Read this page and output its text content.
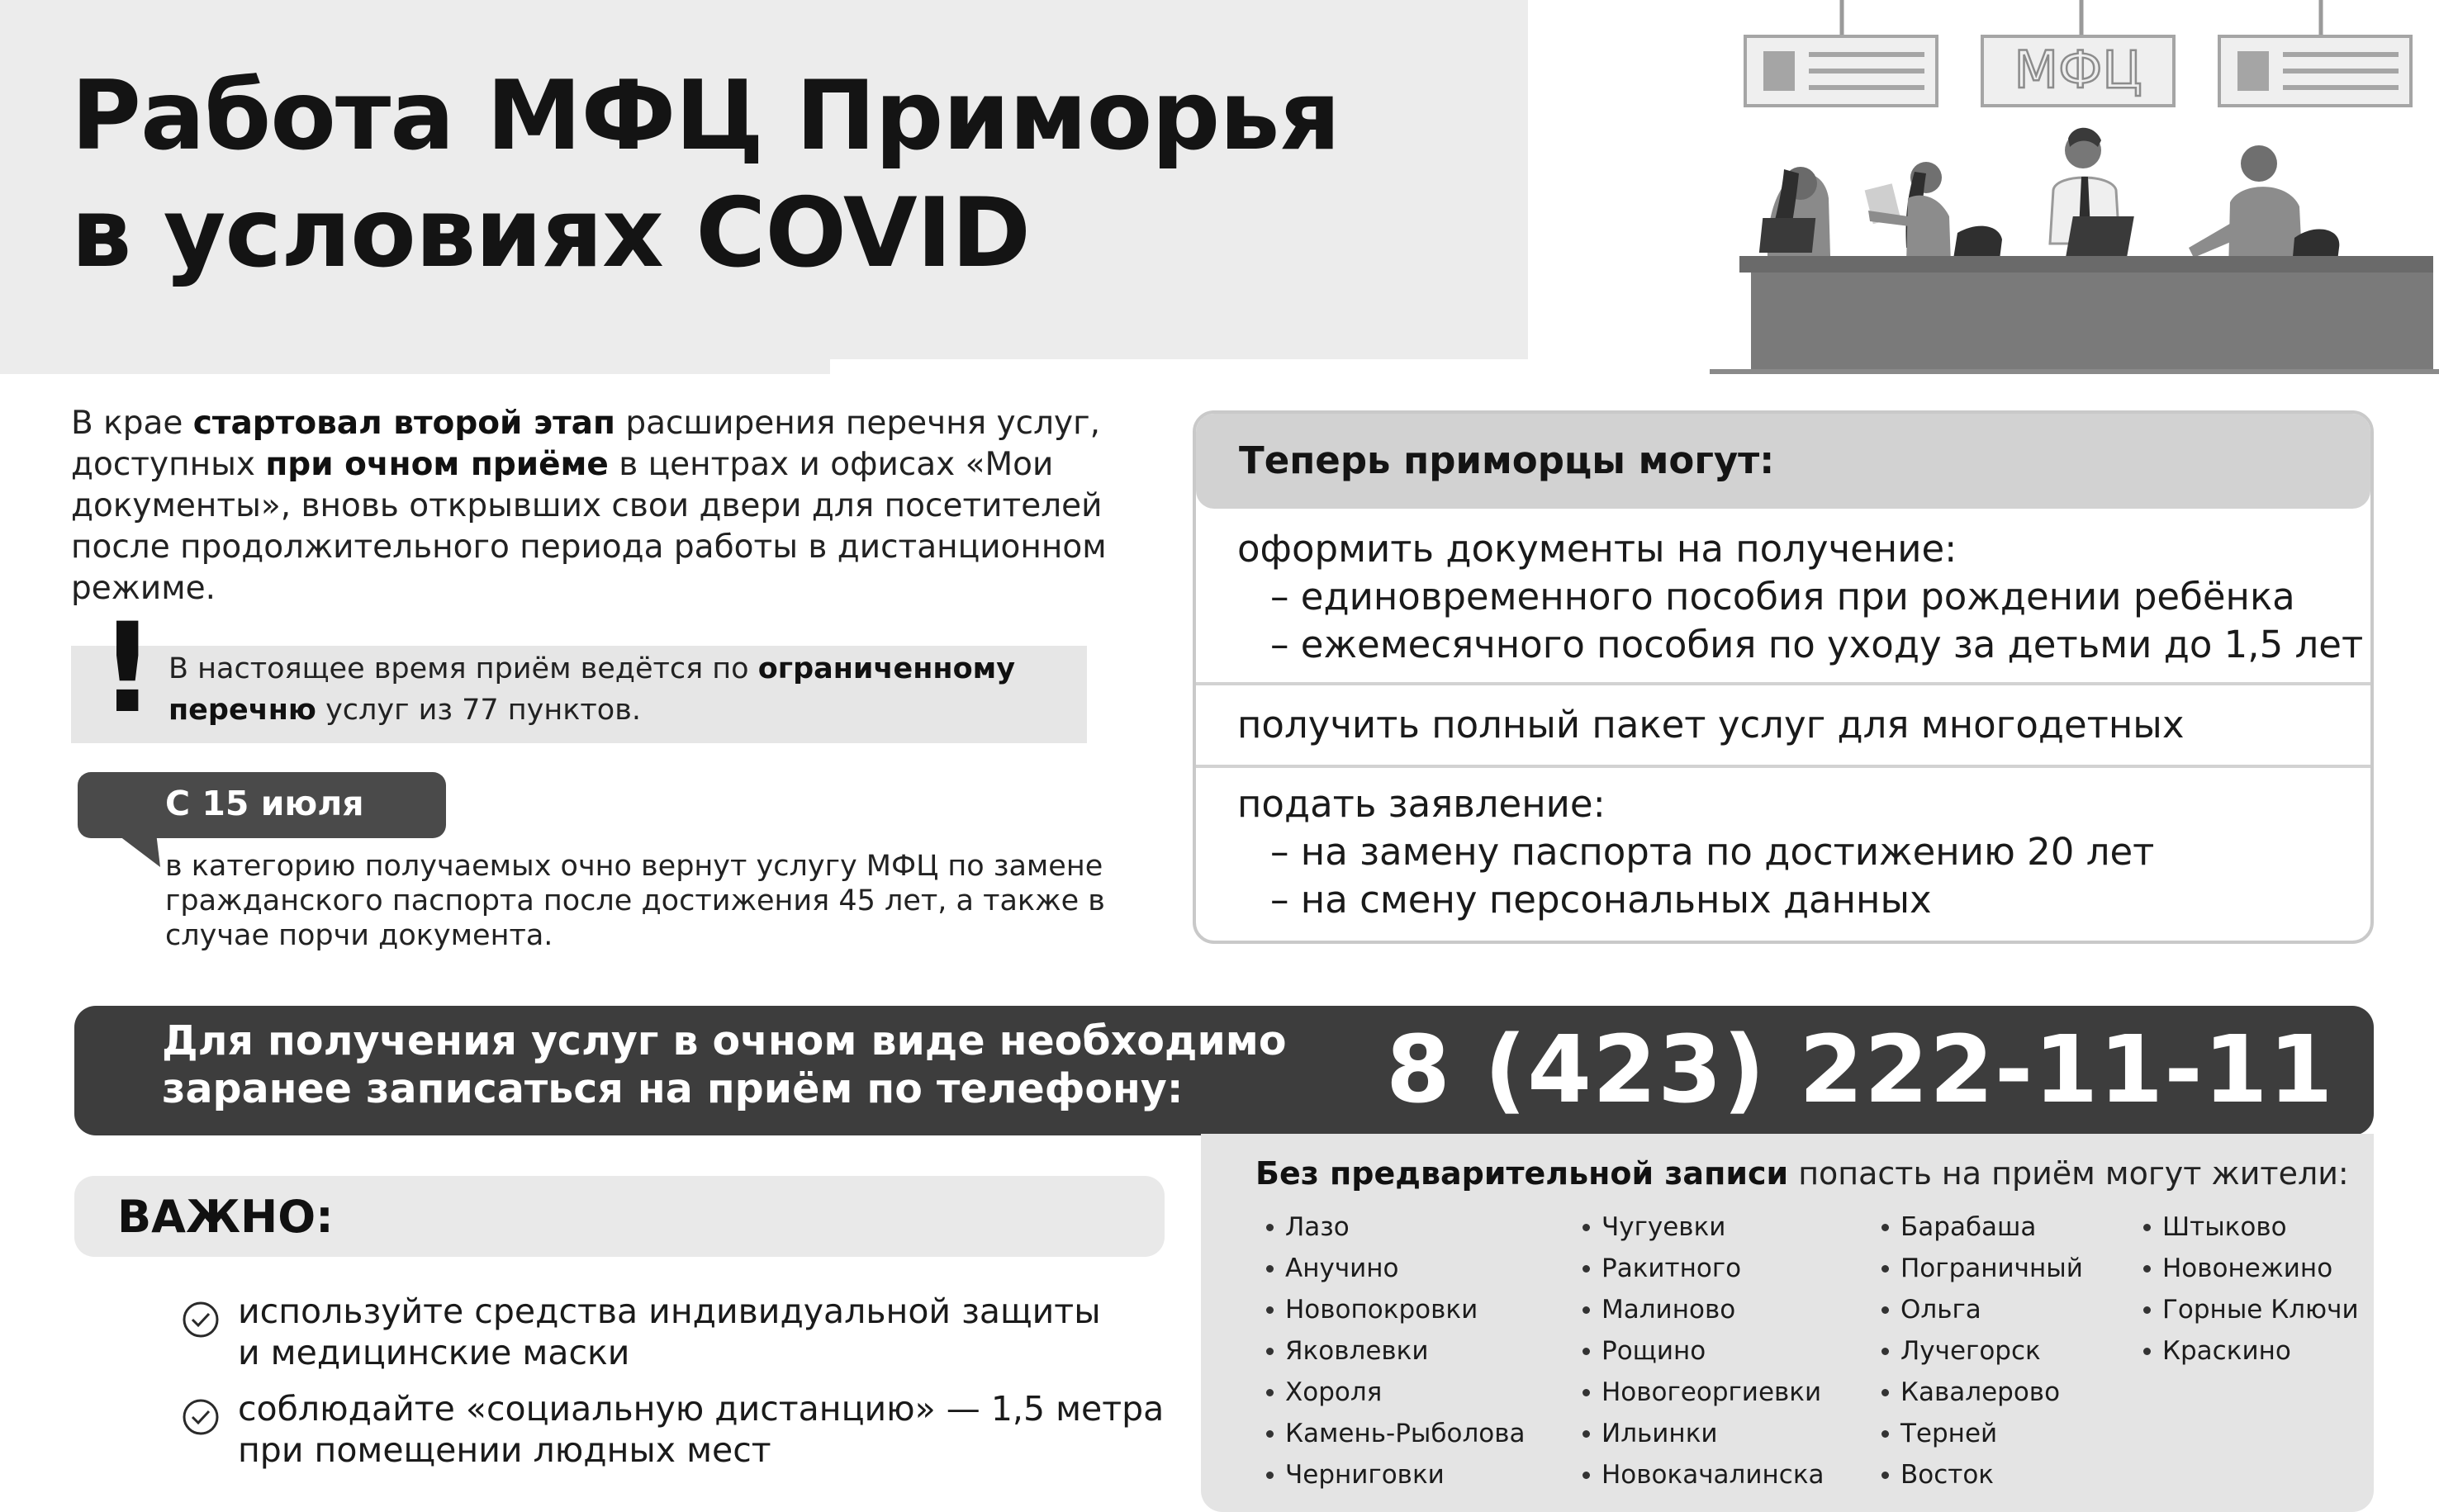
Работа МФЦ Приморья
в условиях COVID
МФЦ

В крае стартовал второй этап расширения перечня услуг, доступных при очном приёме в центрах и офисах «Мои документы», вновь открывших свои двери для посетителей после продолжительного периода работы в дистанционном режиме.

! В настоящее время приём ведётся по ограниченному перечню услуг из 77 пунктов.

С 15 июля

в категорию получаемых очно вернут услугу МФЦ по замене гражданского паспорта после достижения 45 лет, а также в случае порчи документа.

Теперь приморцы могут:
оформить документы на получение:
– единовременного пособия при рождении ребёнка
– ежемесячного пособия по уходу за детьми до 1,5 лет
получить полный пакет услуг для многодетных
подать заявление:
– на замену паспорта по достижению 20 лет
– на смену персональных данных
Для получения услуг в очном виде необходимо
заранее записаться на приём по телефону:	8 (423) 222-11-11
ВАЖНО:
используйте средства индивидуальной защиты
и медицинские маски
соблюдайте «социальную дистанцию» — 1,5 метра
при помещении людных мест

Без предварительной записи попасть на приём могут жители:

Лазо
Анучино
Новопокровки
Яковлевки
Хороля
Камень-Рыболова
Черниговки
Чугуевки
Ракитного
Малиново
Рощино
Новогеоргиевки
Ильинки
Новокачалинска
Барабаша
Пограничный
Ольга
Лучегорск
Кавалерово
Терней
Восток
Штыково
Новонежино
Горные Ключи
Краскино
